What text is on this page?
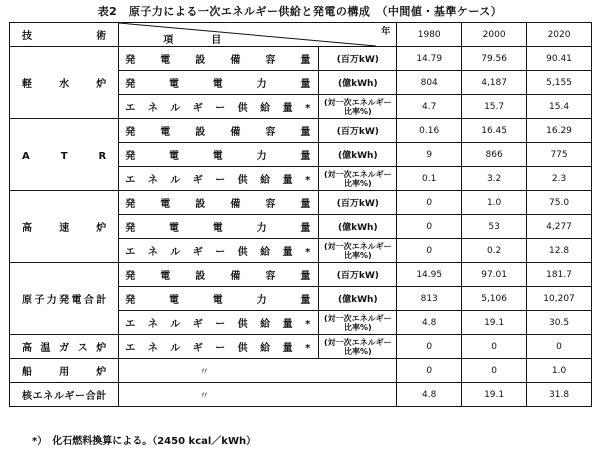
表2　原子力による一次エネルギー供給と発電の構成　（中間値・基準ケース）
技　術	項　目
年		1980	2000	2020
軽　水　炉	発電設備容量	(百万kW)	14.79	79.56	90.41
	発電電力量	(億kWh)	804	4,187	5,155
	エネルギー供給量*	(対一次エネルギー比率%)	4.7	15.7	15.4
A　T　R	発電設備容量	(百万kW)	0.16	16.45	16.29
	発電電力量	(億kWh)	9	866	775
	エネルギー供給量*	(対一次エネルギー比率%)	0.1	3.2	2.3
高　速　炉	発電設備容量	(百万kW)	0	1.0	75.0
	発電電力量	(億kWh)	0	53	4,277
	エネルギー供給量*	(対一次エネルギー比率%)	0	0.2	12.8
原子力発電合計	発電設備容量	(百万kW)	14.95	97.01	181.7
	発電電力量	(億kWh)	813	5,106	10,207
	エネルギー供給量*	(対一次エネルギー比率%)	4.8	19.1	30.5
高温ガス炉	エネルギー供給量*	(対一次エネルギー比率%)	0	0	0
船　用　炉	〃		0	0	1.0
核エネルギー合計	〃		4.8	19.1	31.8
*）　化石燃料換算による。（2450 kcal／kWh）
